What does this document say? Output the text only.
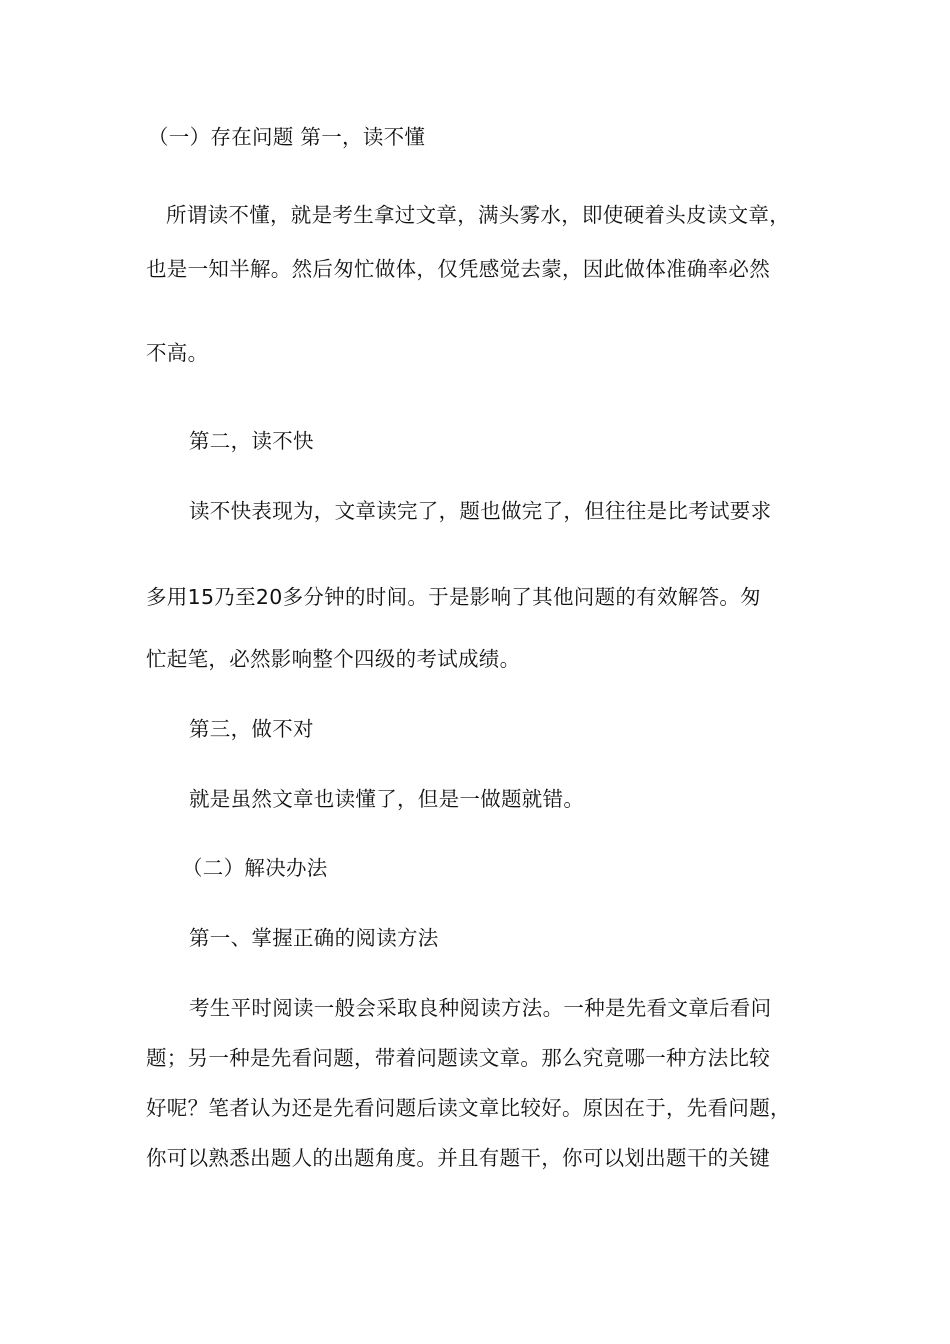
（一）存在问题 第一，读不懂
所谓读不懂，就是考生拿过文章，满头雾水，即使硬着头皮读文章，
也是一知半解。然后匆忙做体，仅凭感觉去蒙，因此做体准确率必然
不高。
第二，读不快
读不快表现为，文章读完了，题也做完了，但往往是比考试要求
多用15乃至20多分钟的时间。于是影响了其他问题的有效解答。匆
忙起笔，必然影响整个四级的考试成绩。
第三，做不对
就是虽然文章也读懂了，但是一做题就错。
（二）解决办法
第一、掌握正确的阅读方法
考生平时阅读一般会采取良种阅读方法。一种是先看文章后看问
题；另一种是先看问题，带着问题读文章。那么究竟哪一种方法比较
好呢？笔者认为还是先看问题后读文章比较好。原因在于，先看问题，
你可以熟悉出题人的出题角度。并且有题干，你可以划出题干的关键
